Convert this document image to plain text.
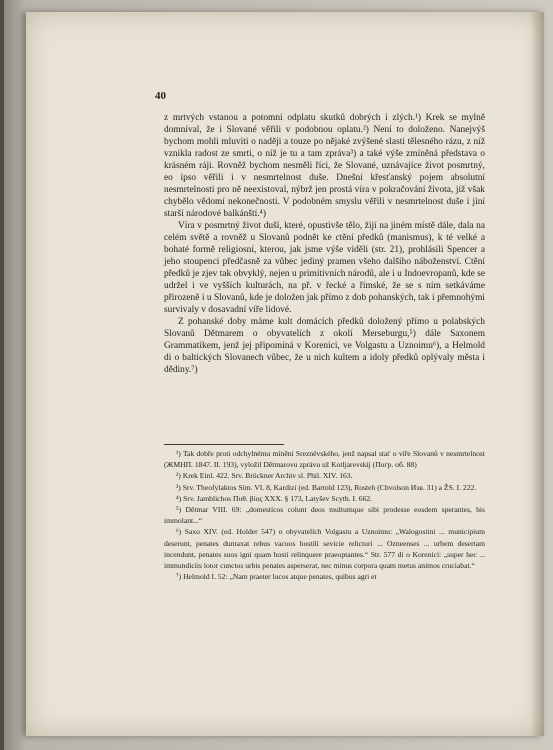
40

z mrtvých vstanou a potomní odplatu skutků dobrých i zlých.¹) Krek se mylně domníval, že i Slované věřili v podobnou oplatu.²) Není to doloženo. Nanejvýš bychom mohli mluviti o naději a touze po nějaké zvýšené slasti tělesného rázu, z níž vznikla radost ze smrti, o níž je tu a tam zpráva³) a také výše zmíněná představa o krásném ráji. Rovněž bychom nesměli říci, že Slované, uznávajíce život posmrtný, eo ipso věřili i v nesmrtelnost duše. Dnešní křesťanský pojem absolutní nesmrtelnosti pro ně neexistoval, nýbrž jen prostá víra v pokračování života, jíž však chybělo vědomí nekonečnosti. V podobném smyslu věřili v nesmrtelnost duše i jiní starší národové balkánští.⁴)

Víra v posmrtný život duší, které, opustivše tělo, žijí na jiném místě dále, dala na celém světě a rovněž u Slovanů podnět ke ctění předků (manismus), k té velké a bohaté formě religiosní, kterou, jak jsme výše viděli (str. 21), prohlásili Spencer a jeho stoupenci předčasně za vůbec jediný pramen všeho dalšího náboženství. Ctění předků je zjev tak obvyklý, nejen u primitivních národů, ale i u Indoevropanů, kde se udržel i ve vyšších kulturách, na př. v řecké a římské, že se s ním setkáváme přirozeně i u Slovanů, kde je doložen jak přímo z dob pohanských, tak i přemnohými survivaly v dosavadní víře lidové.

Z pohanské doby máme kult domácích předků doložený přímo u polabských Slovanů Dětmarem o obyvatelích z okolí Merseburgu,⁵) dále Saxonem Grammatikem, jenž jej připomíná v Korenici, ve Volgastu a Uznoimu⁶), a Helmold di o baltických Slovanech vůbec, že u nich kultem a idoly předků oplývaly města i dědiny.⁷)

¹) Tak dobře proti odchylnému mínění Sreznëvského, jenž napsal stať o víře Slovanů v nesmrtelnost (ЖМНП. 1847. II. 193), vyložil Dětmarovu zprávu už Kotljarevskij (Погр. об. 88)

²) Krek Einl. 422. Srv. Brückner Archiv sl. Phil. XIV. 163.

³) Srv. Theofylaktos Sim. VI. 8, Kardizí (ed. Bartold 123), Rosteh (Chvolson Изв. 31) a ŽS. I. 222.

⁴) Srv. Jamblichos Πυθ. βίος XXX. § 173, Latyšev Scyth. I. 662.

⁵) Dětmar VIII. 69: „domestícos colunt deos multumque sibi prodesse eosdem sperantes, his immolant...“

⁶) Saxo XIV. (ed. Holder 547) o obyvatelích Volgastu a Uznoimu: „Walogostini ... municipium deserunt, penates duntaxat rebus vacuos hostili sevicie relicturi ... Ozneenses ... urbem desertam incendunt, penates suos igni quam hosti relinquere praeoptantes.“ Str. 577 di o Korenici: „super hec ... immundiciis lotor cunctos urbis penates asperserat, nec minus corpora quam metus animos cruciabat.“

⁷) Helmold I. 52: „Nam praeter lucos atque penates, quibus agri et
